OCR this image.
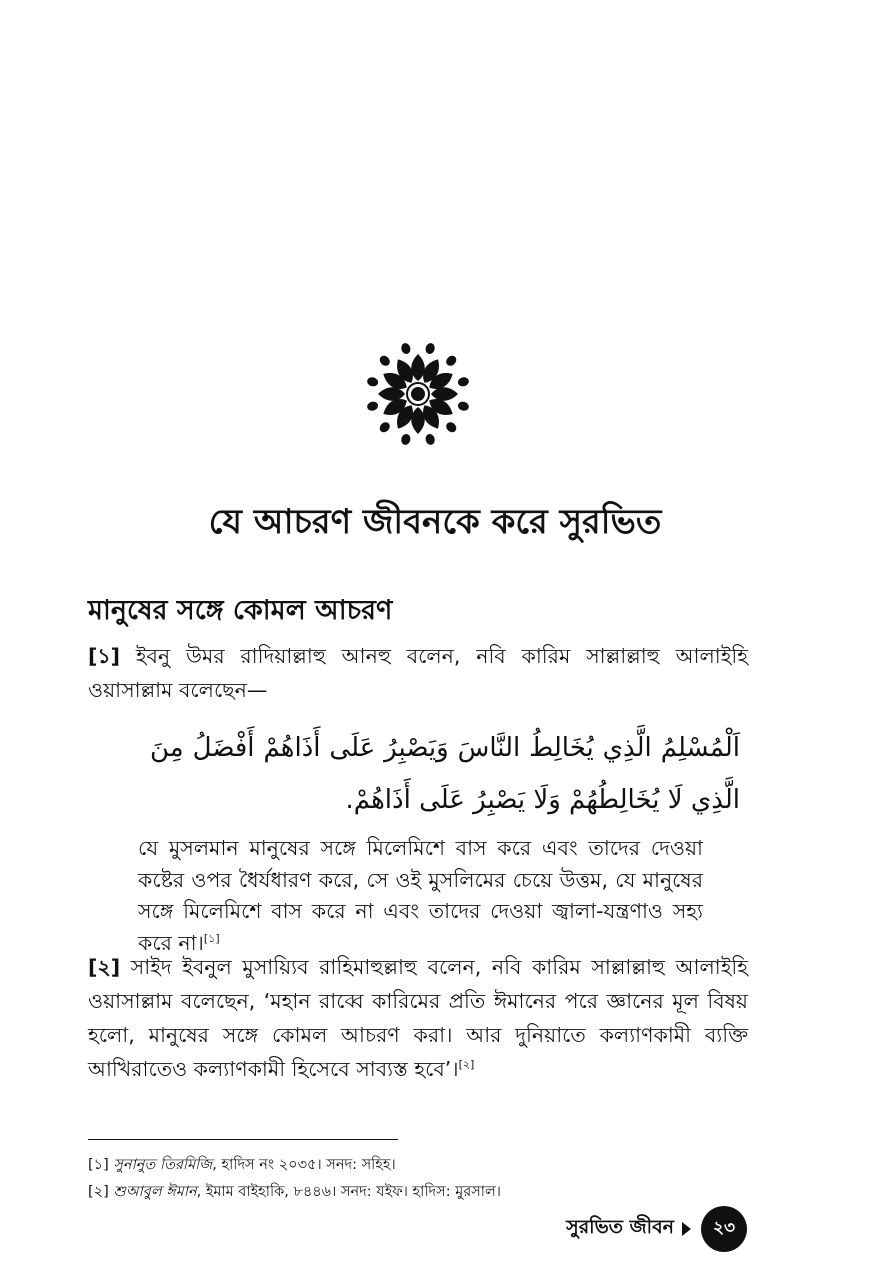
যে আচরণ জীবনকে করে সুরভিত
মানুষের সঙ্গে কোমল আচরণ
[১] ইবনু উমর রাদিয়াল্লাহু আনহু বলেন, নবি কারিম সাল্লাল্লাহু আলাইহি ওয়াসাল্লাম বলেছেন—
اَلْمُسْلِمُ الَّذِي يُخَالِطُ النَّاسَ وَيَصْبِرُ عَلَى أَذَاهُمْ أَفْضَلُ مِنَ الَّذِي لَا يُخَالِطُهُمْ وَلَا يَصْبِرُ عَلَى أَذَاهُمْ.
যে মুসলমান মানুষের সঙ্গে মিলেমিশে বাস করে এবং তাদের দেওয়া কষ্টের ওপর ধৈর্যধারণ করে, সে ওই মুসলিমের চেয়ে উত্তম, যে মানুষের সঙ্গে মিলেমিশে বাস করে না এবং তাদের দেওয়া জ্বালা-যন্ত্রণাও সহ্য করে না।[১]
[২] সাইদ ইবনুল মুসায়্যিব রাহিমাহুল্লাহু বলেন, নবি কারিম সাল্লাল্লাহু আলাইহি ওয়াসাল্লাম বলেছেন, ‘মহান রাব্বে কারিমের প্রতি ঈমানের পরে জ্ঞানের মূল বিষয় হলো, মানুষের সঙ্গে কোমল আচরণ করা। আর দুনিয়াতে কল্যাণকামী ব্যক্তি আখিরাতেও কল্যাণকামী হিসেবে সাব্যস্ত হবে’।[২]
[১] সুনানুত তিরমিজি, হাদিস নং ২০৩৫। সনদ: সহিহ।
[২] শুআবুল ঈমান, ইমাম বাইহাকি, ৮৪৪৬। সনদ: যইফ। হাদিস: মুরসাল।
সুরভিত জীবন	২৩
